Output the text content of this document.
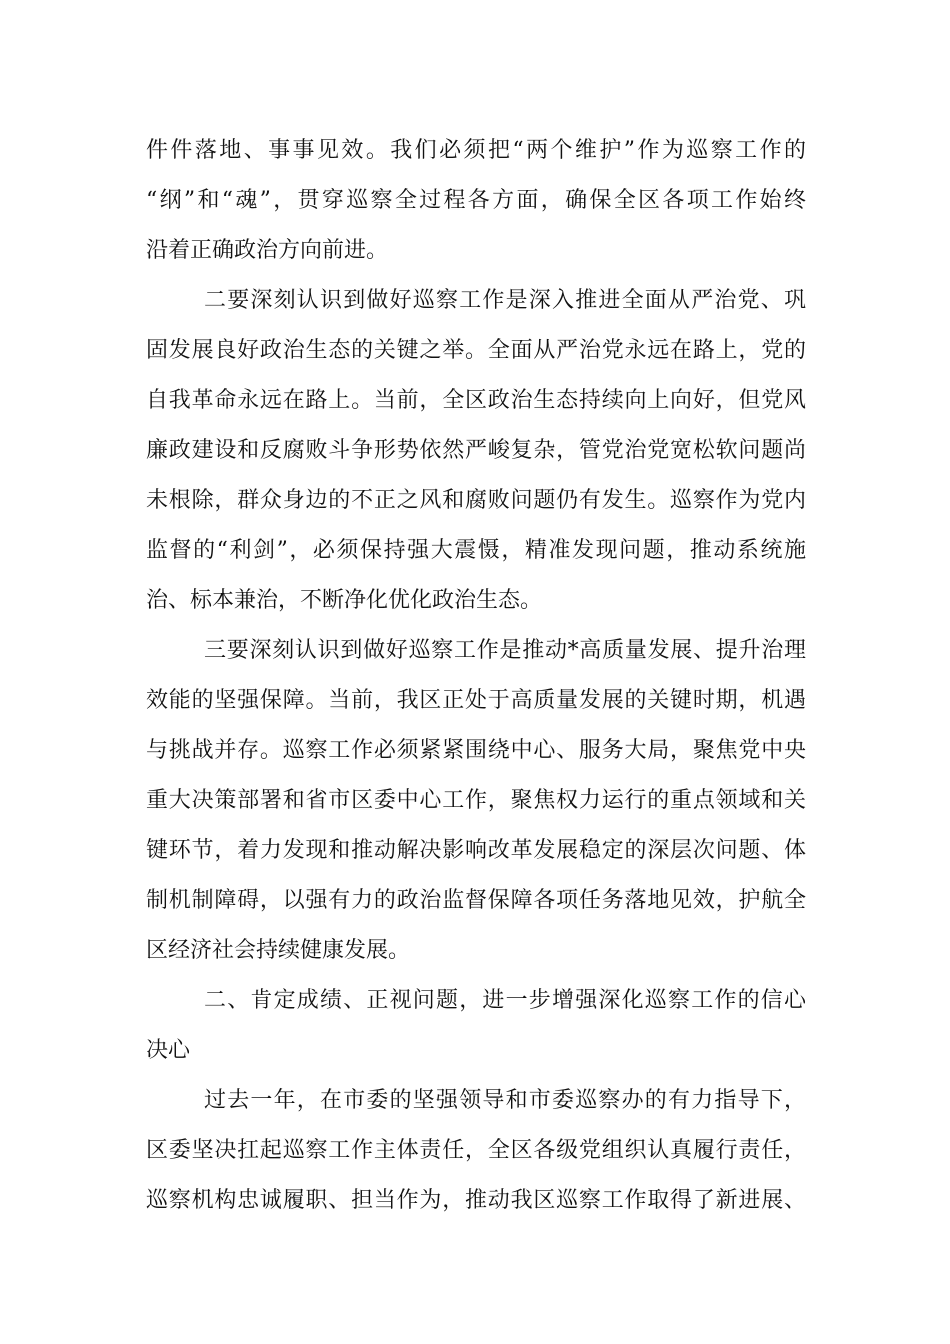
件件落地、事事见效。我们必须把“两个维护”作为巡察工作的
“纲”和“魂”，贯穿巡察全过程各方面，确保全区各项工作始终
沿着正确政治方向前进。
二要深刻认识到做好巡察工作是深入推进全面从严治党、巩
固发展良好政治生态的关键之举。全面从严治党永远在路上，党的
自我革命永远在路上。当前，全区政治生态持续向上向好，但党风
廉政建设和反腐败斗争形势依然严峻复杂，管党治党宽松软问题尚
未根除，群众身边的不正之风和腐败问题仍有发生。巡察作为党内
监督的“利剑”，必须保持强大震慑，精准发现问题，推动系统施
治、标本兼治，不断净化优化政治生态。
三要深刻认识到做好巡察工作是推动*高质量发展、提升治理
效能的坚强保障。当前，我区正处于高质量发展的关键时期，机遇
与挑战并存。巡察工作必须紧紧围绕中心、服务大局，聚焦党中央
重大决策部署和省市区委中心工作，聚焦权力运行的重点领域和关
键环节，着力发现和推动解决影响改革发展稳定的深层次问题、体
制机制障碍，以强有力的政治监督保障各项任务落地见效，护航全
区经济社会持续健康发展。
二、肯定成绩、正视问题，进一步增强深化巡察工作的信心
决心
过去一年，在市委的坚强领导和市委巡察办的有力指导下，
区委坚决扛起巡察工作主体责任，全区各级党组织认真履行责任，
巡察机构忠诚履职、担当作为，推动我区巡察工作取得了新进展、
